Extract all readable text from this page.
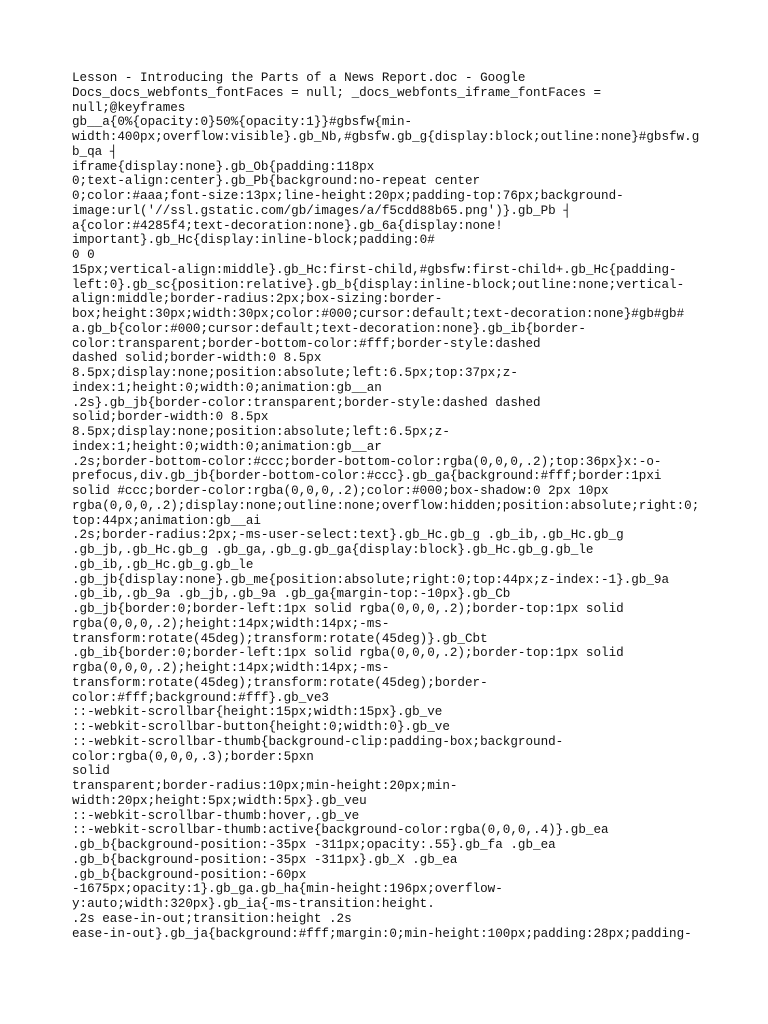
Lesson - Introducing the Parts of a News Report.doc - Google
Docs_docs_webfonts_fontFaces = null; _docs_webfonts_iframe_fontFaces =
null;@keyframes
gb__a{0%{opacity:0}50%{opacity:1}}#gbsfw{min-
width:400px;overflow:visible}.gb_Nb,#gbsfw.gb_g{display:block;outline:none}#gbsfw.g
b_qa ┤
iframe{display:none}.gb_Ob{padding:118px
0;text-align:center}.gb_Pb{background:no-repeat center
0;color:#aaa;font-size:13px;line-height:20px;padding-top:76px;background-
image:url('//ssl.gstatic.com/gb/images/a/f5cdd88b65.png')}.gb_Pb ┤
a{color:#4285f4;text-decoration:none}.gb_6a{display:none!
important}.gb_Hc{display:inline-block;padding:0#
0 0
15px;vertical-align:middle}.gb_Hc:first-child,#gbsfw:first-child+.gb_Hc{padding-
left:0}.gb_sc{position:relative}.gb_b{display:inline-block;outline:none;vertical-
align:middle;border-radius:2px;box-sizing:border-
box;height:30px;width:30px;color:#000;cursor:default;text-decoration:none}#gb#gb#
a.gb_b{color:#000;cursor:default;text-decoration:none}.gb_ib{border-
color:transparent;border-bottom-color:#fff;border-style:dashed
dashed solid;border-width:0 8.5px
8.5px;display:none;position:absolute;left:6.5px;top:37px;z-
index:1;height:0;width:0;animation:gb__an
.2s}.gb_jb{border-color:transparent;border-style:dashed dashed
solid;border-width:0 8.5px
8.5px;display:none;position:absolute;left:6.5px;z-
index:1;height:0;width:0;animation:gb__ar
.2s;border-bottom-color:#ccc;border-bottom-color:rgba(0,0,0,.2);top:36px}x:-o-
prefocus,div.gb_jb{border-bottom-color:#ccc}.gb_ga{background:#fff;border:1pxi
solid #ccc;border-color:rgba(0,0,0,.2);color:#000;box-shadow:0 2px 10px
rgba(0,0,0,.2);display:none;outline:none;overflow:hidden;position:absolute;right:0;
top:44px;animation:gb__ai
.2s;border-radius:2px;-ms-user-select:text}.gb_Hc.gb_g .gb_ib,.gb_Hc.gb_g
.gb_jb,.gb_Hc.gb_g .gb_ga,.gb_g.gb_ga{display:block}.gb_Hc.gb_g.gb_le
.gb_ib,.gb_Hc.gb_g.gb_le
.gb_jb{display:none}.gb_me{position:absolute;right:0;top:44px;z-index:-1}.gb_9a
.gb_ib,.gb_9a .gb_jb,.gb_9a .gb_ga{margin-top:-10px}.gb_Cb
.gb_jb{border:0;border-left:1px solid rgba(0,0,0,.2);border-top:1px solid
rgba(0,0,0,.2);height:14px;width:14px;-ms-
transform:rotate(45deg);transform:rotate(45deg)}.gb_Cbt
.gb_ib{border:0;border-left:1px solid rgba(0,0,0,.2);border-top:1px solid
rgba(0,0,0,.2);height:14px;width:14px;-ms-
transform:rotate(45deg);transform:rotate(45deg);border-
color:#fff;background:#fff}.gb_ve3
::-webkit-scrollbar{height:15px;width:15px}.gb_ve
::-webkit-scrollbar-button{height:0;width:0}.gb_ve
::-webkit-scrollbar-thumb{background-clip:padding-box;background-
color:rgba(0,0,0,.3);border:5pxn
solid
transparent;border-radius:10px;min-height:20px;min-
width:20px;height:5px;width:5px}.gb_veu
::-webkit-scrollbar-thumb:hover,.gb_ve
::-webkit-scrollbar-thumb:active{background-color:rgba(0,0,0,.4)}.gb_ea
.gb_b{background-position:-35px -311px;opacity:.55}.gb_fa .gb_ea
.gb_b{background-position:-35px -311px}.gb_X .gb_ea
.gb_b{background-position:-60px
-1675px;opacity:1}.gb_ga.gb_ha{min-height:196px;overflow-
y:auto;width:320px}.gb_ia{-ms-transition:height.
.2s ease-in-out;transition:height .2s
ease-in-out}.gb_ja{background:#fff;margin:0;min-height:100px;padding:28px;padding-
